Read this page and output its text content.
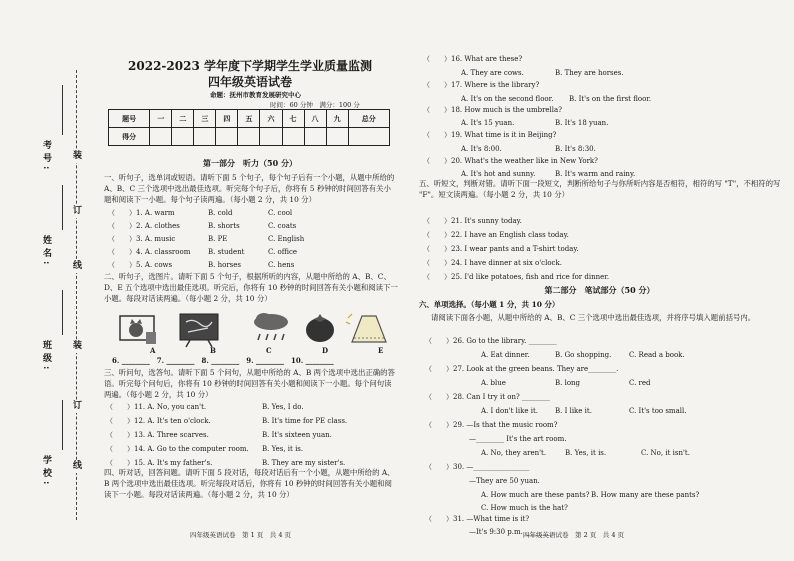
学校:
班级:
姓名:
考号: 装
订
线
装
订
线
2022-2023 学年度下学期学生学业质量监测
四年级英语试卷
命题：抚州市教育发展研究中心
时间：60 分钟　满分：100 分
题号	一	二	三	四	五	六	七	八	九	总分
得分										
第一部分　听力（50 分）
一、听句子，选单词或短语。请听下面 5 个句子，每个句子后有一个小题，从题中所给的 A、B、C 三个选项中选出最佳选项。听完每个句子后，你将有 5 秒钟的时间回答有关小题和阅读下一小题。每个句子读两遍。（每小题 2 分，共 10 分）
（　　）1. A. warm	B. cold	C. cool
（　　）2. A. clothes	B. shorts	C. coats
（　　）3. A. music	B. PE	C. English
（　　）4. A. classroom	B. student	C. office
（　　）5. A. cows	B. horses	C. hens
二、听句子，选图片。请听下面 5 个句子，根据所听的内容，从题中所给的 A、B、C、D、E 五个选项中选出最佳选项。听完后，你将有 10 秒钟的时间回答有关小题和阅读下一小题。每段对话读两遍。（每小题 2 分，共 10 分）
A	B	C	D	E
6. ________　7. ________　8. ________　9. ________　10. ________
三、听问句，选答句。请听下面 5 个问句，从题中所给的 A、B 两个选项中选出正确的答语。听完每个问句后，你将有 10 秒钟的时间回答有关小题和阅读下一小题。每个问句读两遍。（每小题 2 分，共 10 分）
（　　）11. A. No, you can't.	B. Yes, I do.
（　　）12. A. It's ten o'clock.	B. It's time for PE class.
（　　）13. A. Three scarves.	B. It's sixteen yuan.
（　　）14. A. Go to the computer room. B. Yes, it is.
（　　）15. A. It's my father's.	B. They are my sister's.
四、听对话，回答问题。请听下面 5 段对话，每段对话后有一个小题，从题中所给的 A、B 两个选项中选出最佳选项。听完每段对话后，你将有 10 秒钟的时间回答有关小题和阅读下一小题。每段对话读两遍。（每小题 2 分，共 10 分）
四年级英语试卷　第 1 页　共 4 页
（　　）16. What are these?
A. They are cows.	B. They are horses.
（　　）17. Where is the library?
A. It's on the second floor. B. It's on the first floor.
（　　）18. How much is the umbrella?
A. It's 15 yuan.	B. It's 18 yuan.
（　　）19. What time is it in Beijing?
A. It's 8:00.	B. It's 8:30.
（　　）20. What's the weather like in New York?
A. It's hot and sunny.	B. It's warm and rainy.
五、听短文，判断对错。请听下面一段短文，判断所给句子与你所听内容是否相符，相符的写 "T"，不相符的写 "F"。短文读两遍。（每小题 2 分，共 10 分）
（　　）21. It's sunny today.
（　　）22. I have an English class today.
（　　）23. I wear pants and a T-shirt today.
（　　）24. I have dinner at six o'clock.
（　　）25. I'd like potatoes, fish and rice for dinner.
第二部分　笔试部分（50 分）
六、单项选择。（每小题 1 分，共 10 分）
请阅读下面各小题，从题中所给的 A、B、C 三个选项中选出最佳选项，并将序号填入题前括号内。
（　　）26. Go to the library. ________
A. Eat dinner.	B. Go shopping.	C. Read a book.
（　　）27. Look at the green beans. They are________.
A. blue	B. long	C. red
（　　）28. Can I try it on? ________
A. I don't like it. B. I like it.	C. It's too small.
（　　）29. —Is that the music room?
—________ It's the art room.
A. No, they aren't.	B. Yes, it is.	C. No, it isn't.
（　　）30. —________________
—They are 50 yuan.
A. How much are these pants? B. How many are these pants?
C. How much is the hat?
（　　）31. —What time is it?
—It's 9:30 p.m. ________
四年级英语试卷　第 2 页　共 4 页
